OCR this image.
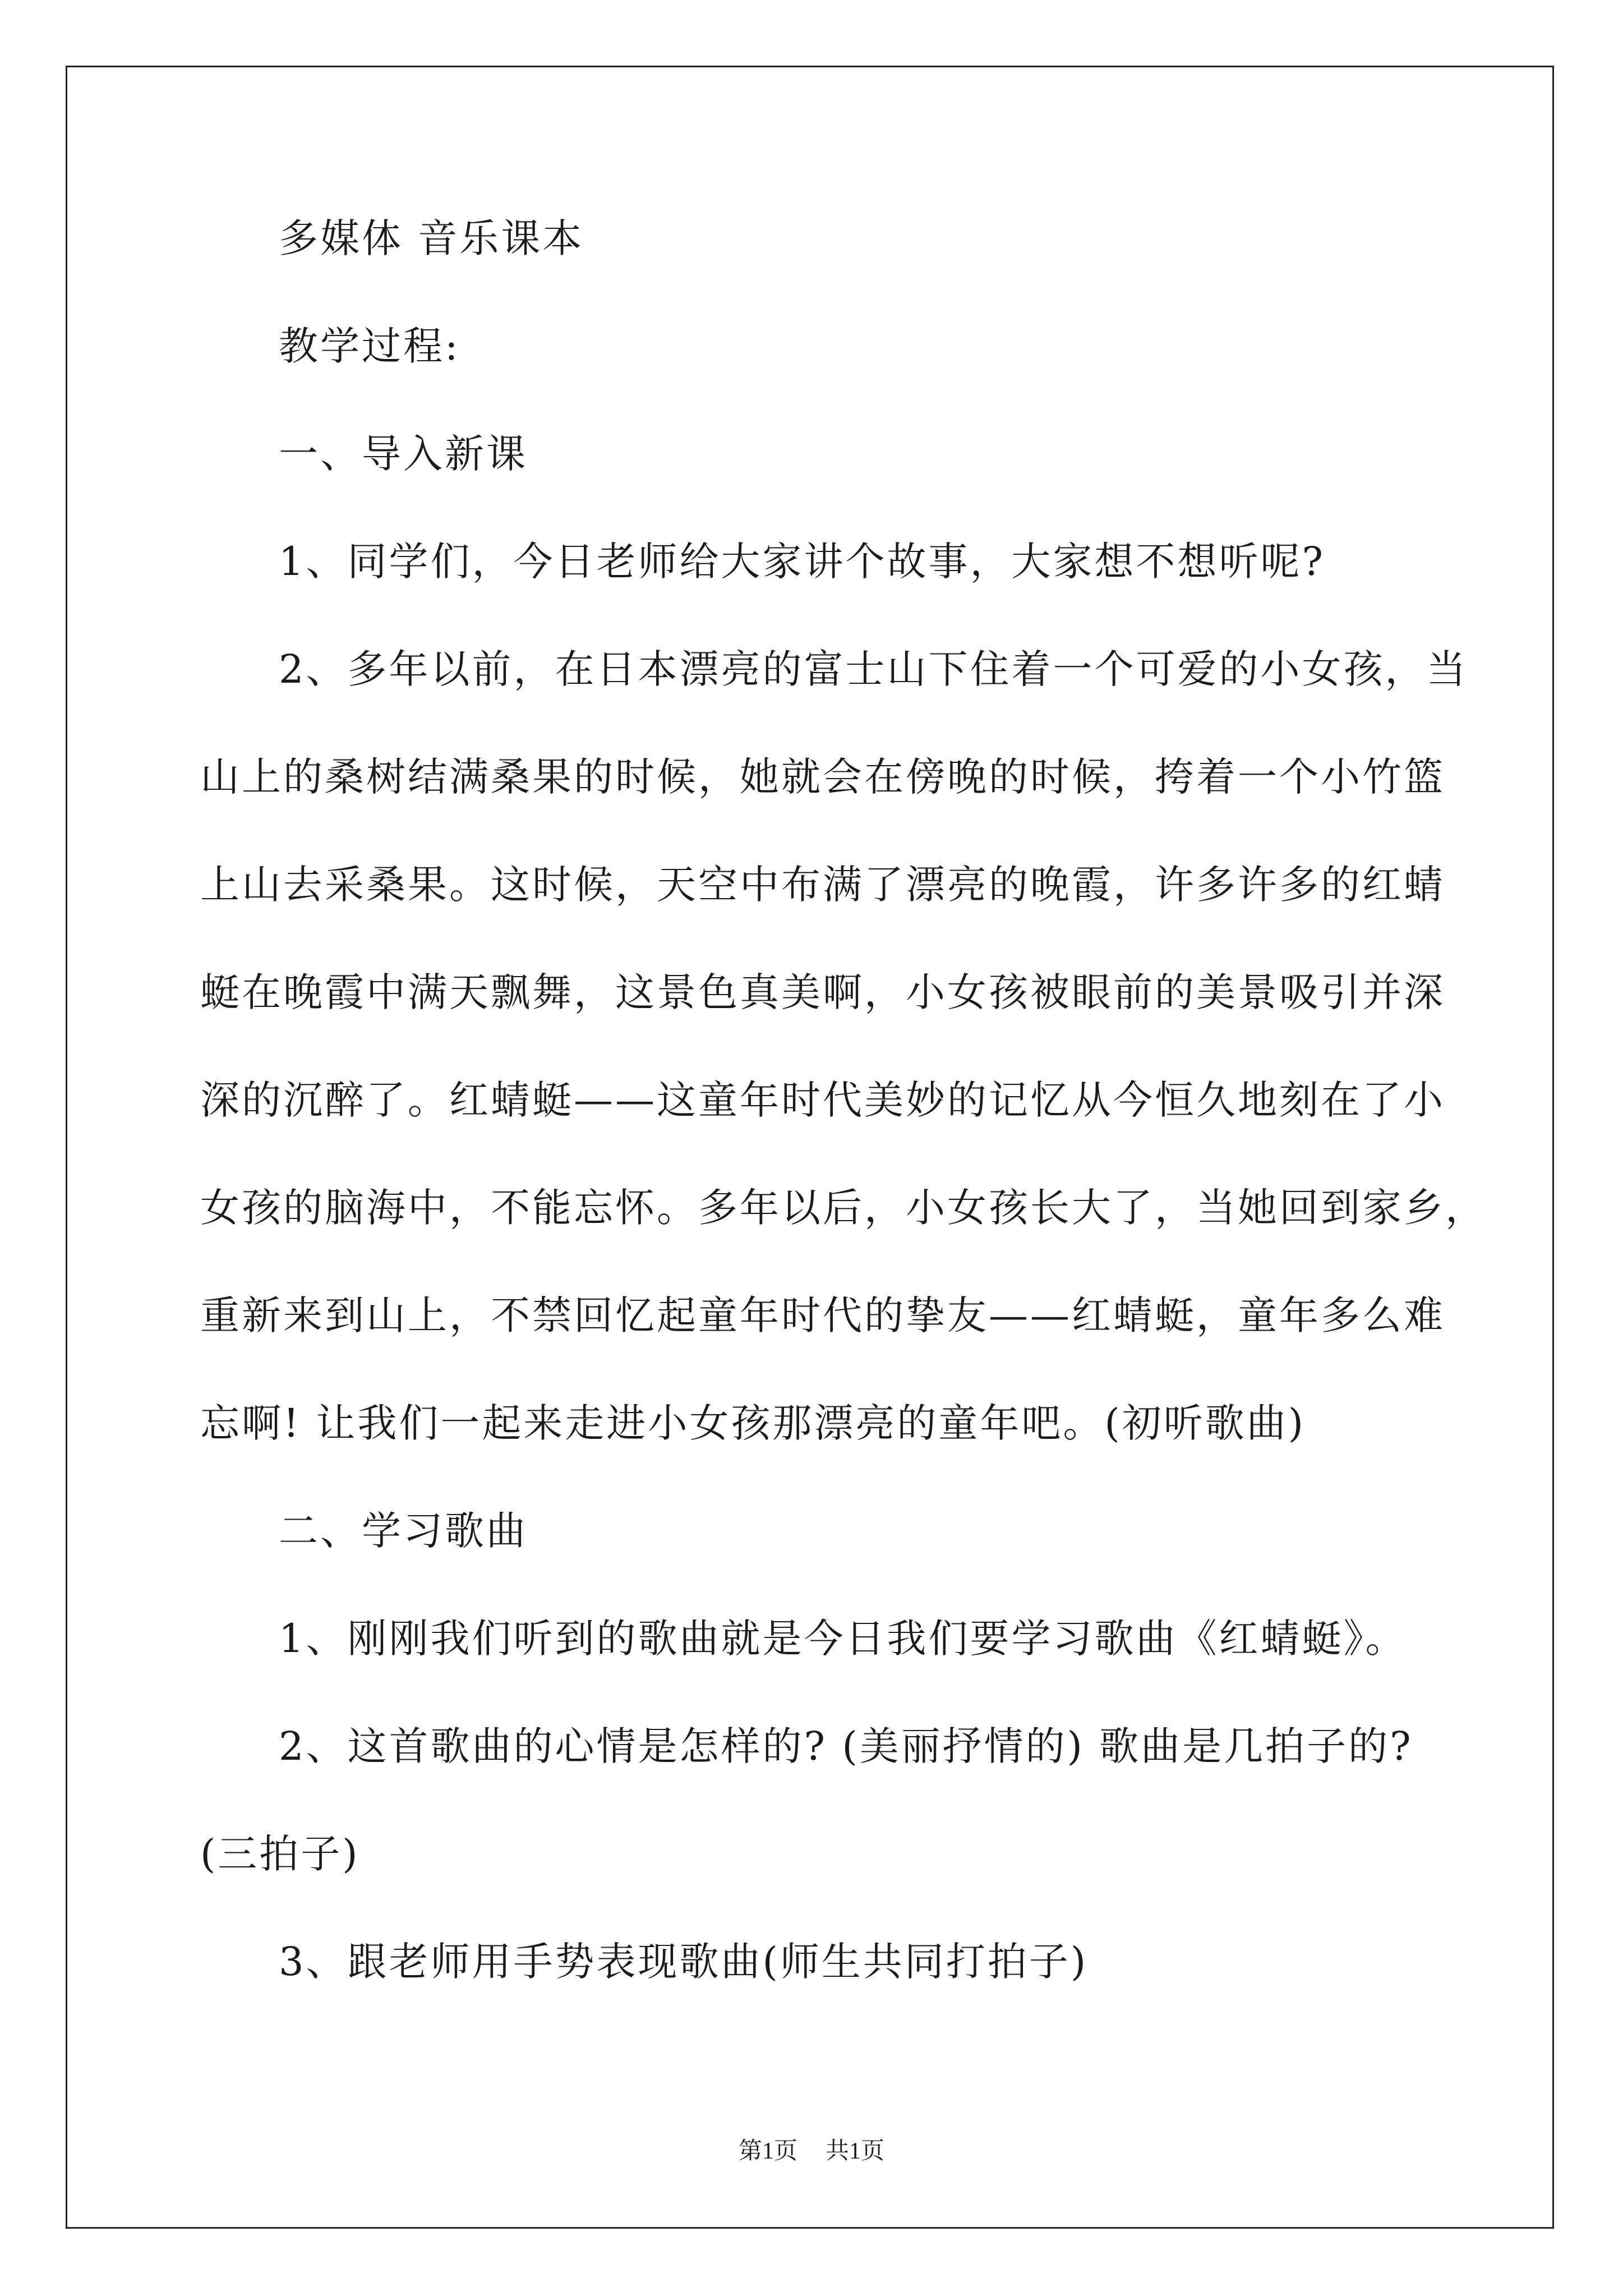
多媒体 音乐课本
教学过程:
一、导入新课
1、同学们，今日老师给大家讲个故事，大家想不想听呢?
2、多年以前，在日本漂亮的富士山下住着一个可爱的小女孩，当
山上的桑树结满桑果的时候，她就会在傍晚的时候，挎着一个小竹篮
上山去采桑果。这时候，天空中布满了漂亮的晚霞，许多许多的红蜻
蜓在晚霞中满天飘舞，这景色真美啊，小女孩被眼前的美景吸引并深
深的沉醉了。红蜻蜓——这童年时代美妙的记忆从今恒久地刻在了小
女孩的脑海中，不能忘怀。多年以后，小女孩长大了，当她回到家乡，
重新来到山上，不禁回忆起童年时代的挚友——红蜻蜓，童年多么难
忘啊! 让我们一起来走进小女孩那漂亮的童年吧。(初听歌曲)
二、学习歌曲
1、刚刚我们听到的歌曲就是今日我们要学习歌曲《红蜻蜓》。
2、这首歌曲的心情是怎样的? (美丽抒情的) 歌曲是几拍子的?
(三拍子)
3、跟老师用手势表现歌曲(师生共同打拍子)
第1页 共1页
